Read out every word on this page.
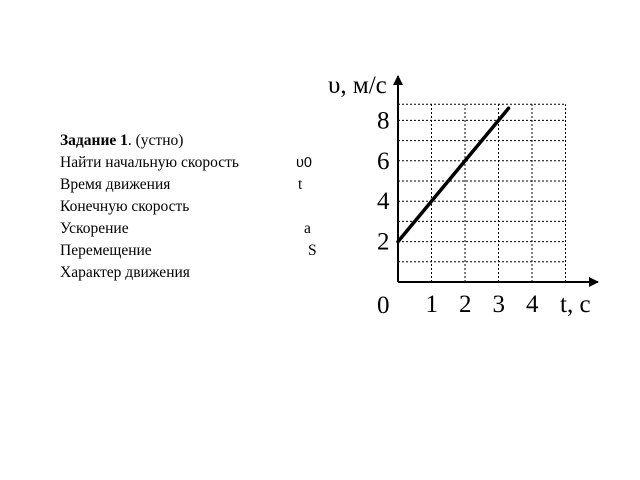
Задание 1. (устно)
Найти начальную скорость	υ0
Время движения	t
Конечную скорость
Ускорение	a
Перемещение	S
Характер движения
1 2 3 4
2
4
6
8
υ, м/с
t, с
0
